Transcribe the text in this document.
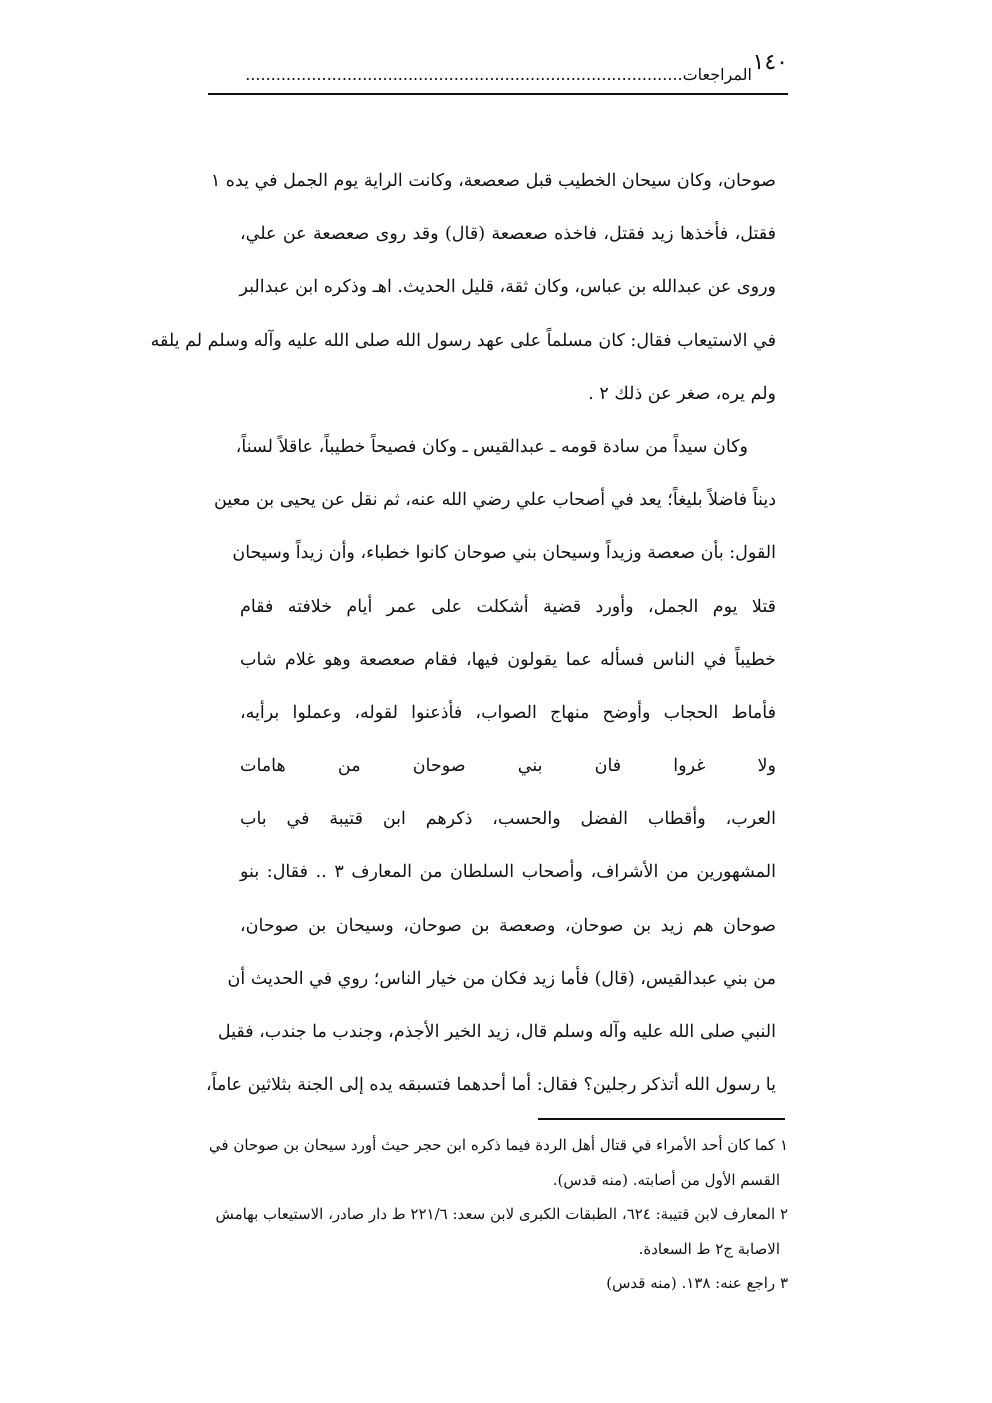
١٤٠
المراجعات......................................................................................
صوحان، وكان سيحان الخطيب قبل صعصعة، وكانت الراية يوم الجمل في يده ١
فقتل، فأخذها زيد فقتل، فاخذه صعصعة (قال) وقد روى صعصعة عن علي،
وروى عن عبدالله بن عباس، وكان ثقة، قليل الحديث. اهـ وذكره ابن عبدالبر
في الاستيعاب فقال: كان مسلماً على عهد رسول الله صلى الله عليه وآله وسلم لم يلقه
ولم يره، صغر عن ذلك ٢ .
وكان سيداً من سادة قومه ـ عبدالقيس ـ وكان فصيحاً خطيباً، عاقلاً لسناً،
ديناً فاضلاً بليغاً؛ يعد في أصحاب علي رضي الله عنه، ثم نقل عن يحيى بن معين
القول: بأن صعصة وزيداً وسيحان بني صوحان كانوا خطباء، وأن زيداً وسيحان
قتلا يوم الجمل، وأورد قضية أشكلت على عمر أيام خلافته فقام
خطيباً في الناس فسأله عما يقولون فيها، فقام صعصعة وهو غلام شاب
فأماط الحجاب وأوضح منهاج الصواب، فأذعنوا لقوله، وعملوا برأيه،
ولا غروا فان بني صوحان من هامات
العرب، وأقطاب الفضل والحسب، ذكرهم ابن قتيبة في باب
المشهورين من الأشراف، وأصحاب السلطان من المعارف ٣ .. فقال: بنو
صوحان هم زيد بن صوحان، وصعصة بن صوحان، وسيحان بن صوحان،
من بني عبدالقيس، (قال) فأما زيد فكان من خيار الناس؛ روي في الحديث أن
النبي صلى الله عليه وآله وسلم قال، زيد الخير الأجذم، وجندب ما جندب، فقيل
يا رسول الله أتذكر رجلين؟ فقال: أما أحدهما فتسبقه يده إلى الجنة بثلاثين عاماً،
١ كما كان أحد الأمراء في قتال أهل الردة فيما ذكره ابن حجر حيث أورد سيحان بن صوحان في
القسم الأول من أصابته. (منه قدس).
٢ المعارف لابن قتيبة: ٦٢٤، الطبقات الكبرى لابن سعد: ٢٢١/٦ ط دار صادر، الاستيعاب بهامش
الاصابة ج٢ ط السعادة.
٣ راجع عنه: ١٣٨. (منه قدس)
